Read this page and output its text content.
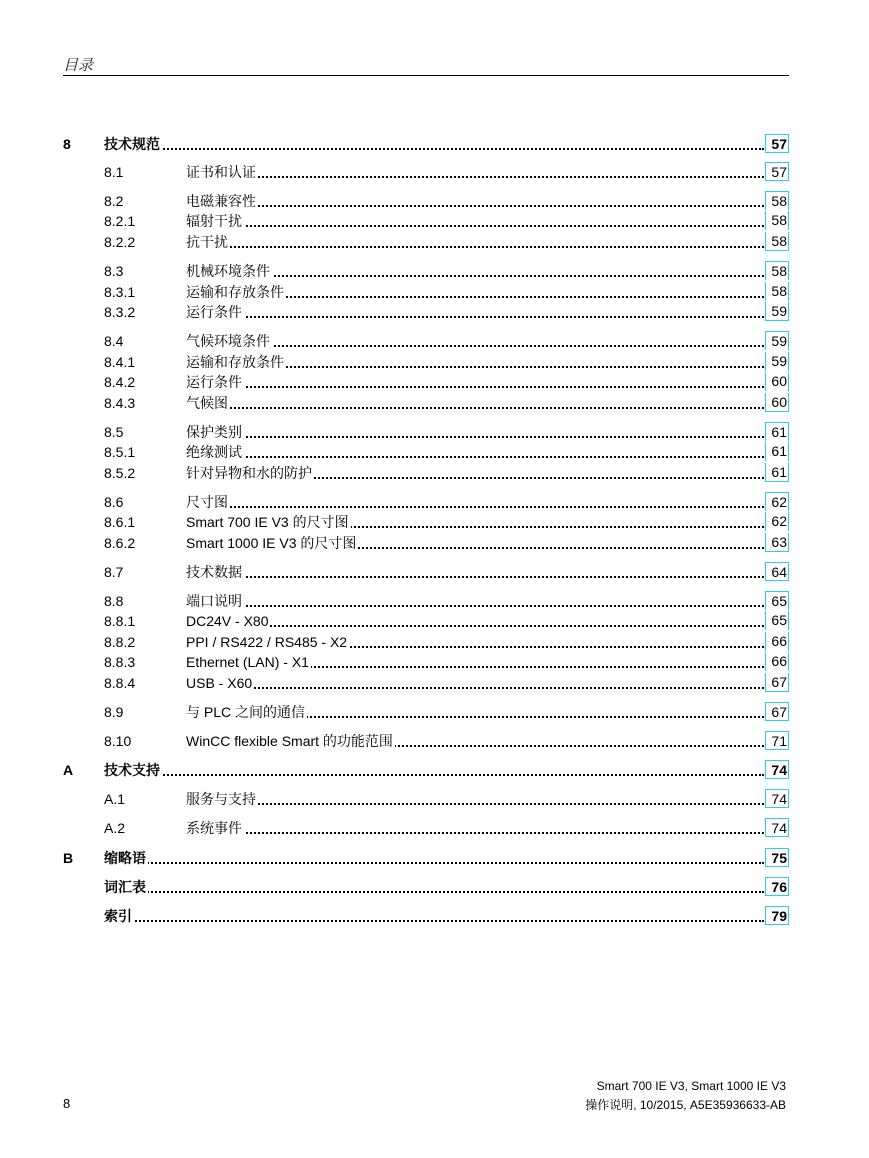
目录
8 技术规范	57
8.1	证书和认证	57
8.2	电磁兼容性	58
8.2.1	辐射干扰	58
8.2.2	抗干扰	58
8.3	机械环境条件	58
8.3.1	运输和存放条件	58
8.3.2	运行条件	59
8.4	气候环境条件	59
8.4.1	运输和存放条件	59
8.4.2	运行条件	60
8.4.3	气候图	60
8.5	保护类别	61
8.5.1	绝缘测试	61
8.5.2	针对异物和水的防护	61
8.6	尺寸图	62
8.6.1	Smart 700 IE V3 的尺寸图	62
8.6.2	Smart 1000 IE V3 的尺寸图	63
8.7	技术数据	64
8.8	端口说明	65
8.8.1	DC24V - X80	65
8.8.2	PPI / RS422 / RS485 - X2	66
8.8.3	Ethernet (LAN) - X1	66
8.8.4	USB - X60	67
8.9	与 PLC 之间的通信	67
8.10	WinCC flexible Smart 的功能范围	71
A 技术支持	74
A.1	服务与支持	74
A.2	系统事件	74
B 缩略语	75
词汇表	76
索引	79
8
Smart 700 IE V3, Smart 1000 IE V3
操作说明, 10/2015, A5E35936633-AB
